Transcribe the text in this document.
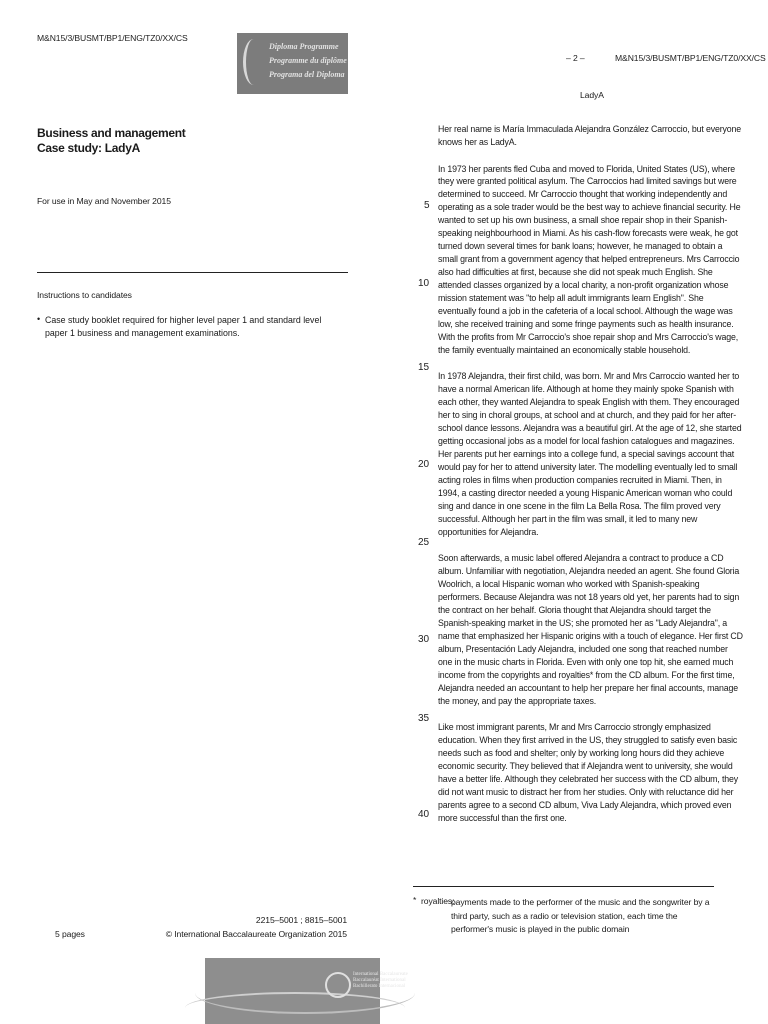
M&N15/3/BUSMT/BP1/ENG/TZ0/XX/CS
Diploma Programme
Programme du diplôme
Programa del Diploma
Business and management
Case study: LadyA
For use in May and November 2015
Instructions to candidates
• Case study booklet required for higher level paper 1 and standard level paper 1 business and management examinations.
5 pages
2215–5001 ; 8815–5001
© International Baccalaureate Organization 2015
International Baccalaureate
Baccalauréat International
Bachillerato Internacional
– 2 –	M&N15/3/BUSMT/BP1/ENG/TZ0/XX/CS
LadyA
5
10
15
20
25
30
35
40

Her real name is María Immaculada Alejandra González Carroccio, but everyone knows her as LadyA.

In 1973 her parents fled Cuba and moved to Florida, United States (US), where they were granted political asylum. The Carroccios had limited savings but were determined to succeed. Mr Carroccio thought that working independently and operating as a sole trader would be the best way to achieve financial security. He wanted to set up his own business, a small shoe repair shop in their Spanish-speaking neighbourhood in Miami. As his cash-flow forecasts were weak, he got turned down several times for bank loans; however, he managed to obtain a small grant from a government agency that helped entrepreneurs. Mrs Carroccio also had difficulties at first, because she did not speak much English. She attended classes organized by a local charity, a non-profit organization whose mission statement was "to help all adult immigrants learn English". She eventually found a job in the cafeteria of a local school. Although the wage was low, she received training and some fringe payments such as health insurance. With the profits from Mr Carroccio's shoe repair shop and Mrs Carroccio's wage, the family eventually maintained an economically stable household.

In 1978 Alejandra, their first child, was born. Mr and Mrs Carroccio wanted her to have a normal American life. Although at home they mainly spoke Spanish with each other, they wanted Alejandra to speak English with them. They encouraged her to sing in choral groups, at school and at church, and they paid for her after-school dance lessons. Alejandra was a beautiful girl. At the age of 12, she started getting occasional jobs as a model for local fashion catalogues and magazines. Her parents put her earnings into a college fund, a special savings account that would pay for her to attend university later. The modelling eventually led to small acting roles in films when production companies recruited in Miami. Then, in 1994, a casting director needed a young Hispanic American woman who could sing and dance in one scene in the film La Bella Rosa. The film proved very successful. Although her part in the film was small, it led to many new opportunities for Alejandra.

Soon afterwards, a music label offered Alejandra a contract to produce a CD album. Unfamiliar with negotiation, Alejandra needed an agent. She found Gloria Woolrich, a local Hispanic woman who worked with Spanish-speaking performers. Because Alejandra was not 18 years old yet, her parents had to sign the contract on her behalf. Gloria thought that Alejandra should target the Spanish-speaking market in the US; she promoted her as "Lady Alejandra", a name that emphasized her Hispanic origins with a touch of elegance. Her first CD album, Presentación Lady Alejandra, included one song that reached number one in the music charts in Florida. Even with only one top hit, she earned much income from the copyrights and royalties* from the CD album. For the first time, Alejandra needed an accountant to help her prepare her final accounts, manage the money, and pay the appropriate taxes.

Like most immigrant parents, Mr and Mrs Carroccio strongly emphasized education. When they first arrived in the US, they struggled to satisfy even basic needs such as food and shelter; only by working long hours did they achieve economic security. They believed that if Alejandra went to university, she would have a better life. Although they celebrated her success with the CD album, they did not want music to distract her from her studies. Only with reluctance did her parents agree to a second CD album, Viva Lady Alejandra, which proved even more successful than the first one.

* royalties:
payments made to the performer of the music and the songwriter by a third party, such as a radio or television station, each time the performer's music is played in the public domain
